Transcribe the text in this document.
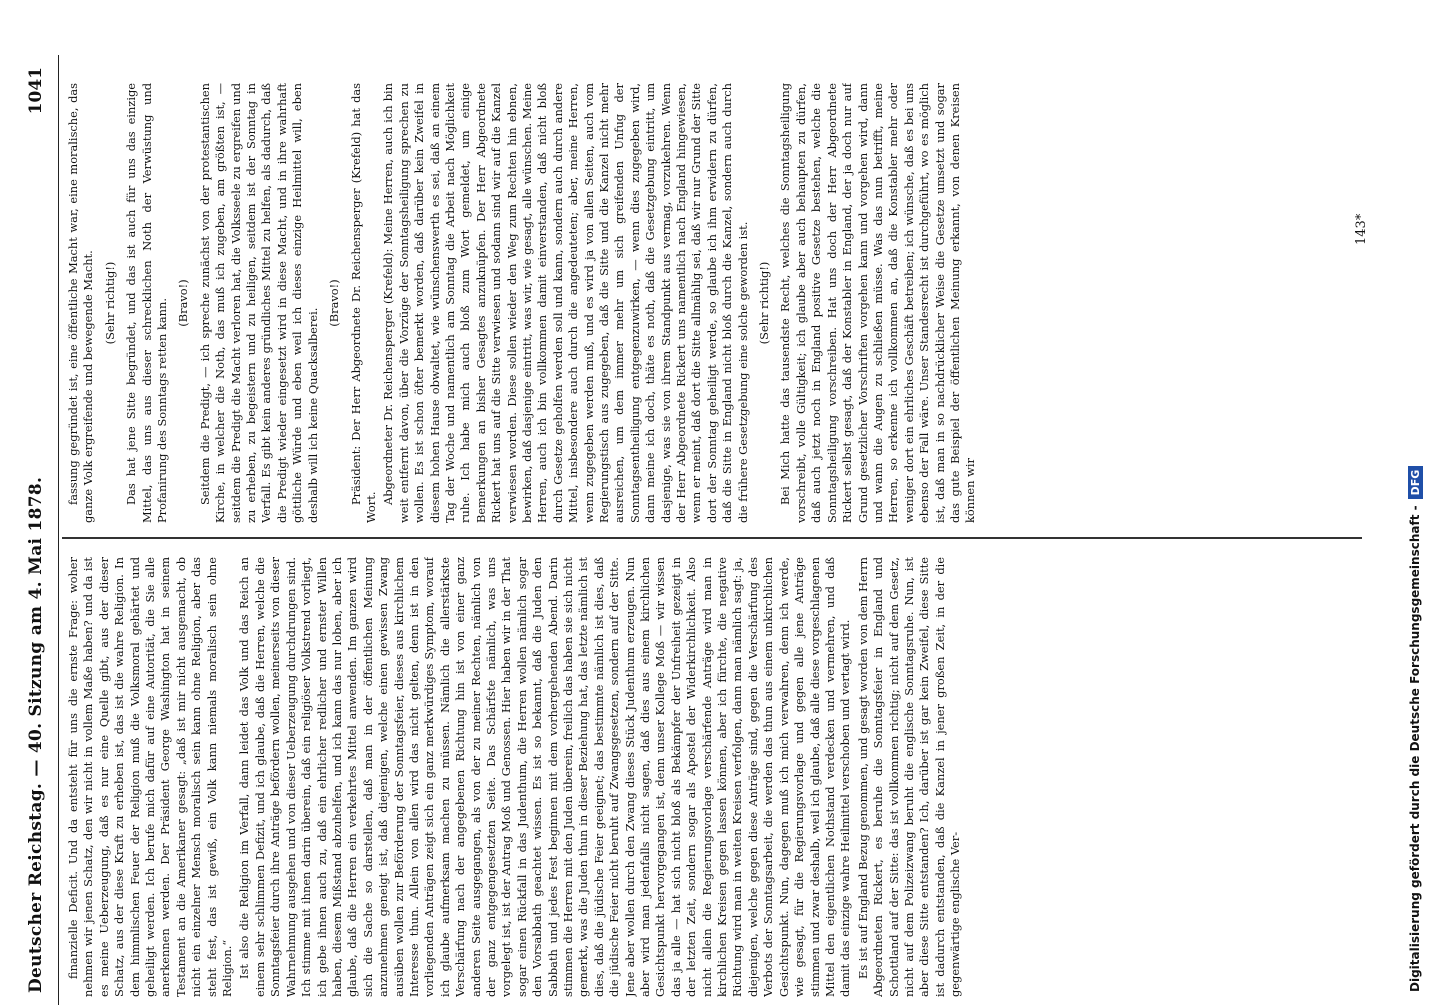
Deutscher Reichstag. — 40. Sitzung am 4. Mai 1878.
1041

finanzielle Deficit. Und da entsteht für uns die ernste Frage: woher nehmen wir jenen Schatz, den wir nicht in vollem Maße haben? und da ist es meine Ueberzeugung, daß es nur eine Quelle gibt, aus der dieser Schatz, aus der diese Kraft zu erheben ist, das ist die wahre Religion. In dem himmlischen Feuer der Religion muß die Volksmoral gehärtet und geheiligt werden. Ich berufe mich dafür auf eine Autorität, die Sie alle anerkennen werden. Der Präsident George Washington hat in seinem Testament an die Amerikaner gesagt: „daß ist mir nicht ausgemacht, ob nicht ein einzelner Mensch moralisch sein kann ohne Religion, aber das steht fest, das ist gewiß, ein Volk kann niemals moralisch sein ohne Religion.“ Ist also die Religion im Verfall, dann leidet das Volk und das Reich an einem sehr schlimmen Defizit, und ich glaube, daß die Herren, welche die Sonntagsfeier durch ihre Anträge befördern wollen, meinerseits von dieser Wahrnehmung ausgehen und von dieser Ueberzeugung durchdrungen sind. Ich stimme mit ihnen darin überein, daß ein religiöser Volkstrend vorliegt, ich gebe ihnen auch zu, daß ein ehrlicher redlicher und ernster Willen haben, diesem Mißstand abzuhelfen, und ich kann das nur loben, aber ich glaube, daß die Herren ein verkehrtes Mittel anwenden. Im ganzen wird sich die Sache so darstellen, daß man in der öffentlichen Meinung anzunehmen geneigt ist, daß diejenigen, welche einen gewissen Zwang ausüben wollen zur Beförderung der Sonntagsfeier, dieses aus kirchlichem Interesse thun. Allein von allen wird das nicht gelten, denn ist in den vorliegenden Anträgen zeigt sich ein ganz merkwürdiges Symptom, worauf ich glaube aufmerksam machen zu müssen. Nämlich die allerstärkste Verschärfung nach der angegebenen Richtung hin ist von einer ganz anderen Seite ausgegangen, als von der zu meiner Rechten, nämlich von der ganz entgegengesetzten Seite. Das Schärfste nämlich, was uns vorgelegt ist, ist der Antrag Moß und Genossen. Hier haben wir in der That sogar einen Rückfall in das Judenthum, die Herren wollen nämlich sogar den Vorsabbath geachtet wissen. Es ist so bekannt, daß die Juden den Sabbath und jedes Fest beginnen mit dem vorhergehenden Abend. Darin stimmen die Herren mit den Juden überein, freilich das haben sie sich nicht gemerkt, was die Juden thun in dieser Beziehung hat, das letzte nämlich ist dies, daß die jüdische Feier geeignet; das bestimmte nämlich ist dies, daß die jüdische Feier nicht beruht auf Zwangsgesetzen, sondern auf der Sitte. Jene aber wollen durch den Zwang dieses Stück Judenthum erzeugen. Nun aber wird man jedenfalls nicht sagen, daß dies aus einem kirchlichen Gesichtspunkt hervorgegangen ist, denn unser Kollege Moß — wir wissen das ja alle — hat sich nicht bloß als Bekämpfer der Unfreiheit gezeigt in der letzten Zeit, sondern sogar als Apostel der Widerkirchlichkeit. Also nicht allein die Regierungsvorlage verschärfende Anträge wird man in kirchlichen Kreisen gegen lassen können, aber ich fürchte, die negative Richtung wird man in weiten Kreisen verfolgen, dann man nämlich sagt: ja, diejenigen, welche gegen diese Anträge sind, gegen die Verschärfung des Verbots der Sonntagsarbeit, die werden das thun aus einem unkirchlichen Gesichtspunkt. Nun, dagegen muß ich mich verwahren, denn ich werde, wie gesagt, für die Regierungsvorlage und gegen alle jene Anträge stimmen und zwar deshalb, weil ich glaube, daß alle diese vorgeschlagenen Mittel den eigentlichen Nothstand verdecken und vermehren, und daß damit das einzige wahre Heilmittel verschoben und vertagt wird. Es ist auf England Bezug genommen, und gesagt worden von dem Herrn Abgeordneten Rickert, es beruhe die Sonntagsfeier in England und Schottland auf der Sitte: das ist vollkommen richtig; nicht auf dem Gesetz, nicht auf dem Polizeizwang beruht die englische Sonntagsruhe. Nun, ist aber diese Sitte entstanden? Ich, darüber ist gar kein Zweifel, diese Sitte ist dadurch entstanden, daß die Kanzel in jener großen Zeit, in der die gegenwärtige englische Ver-

fassung gegründet ist, eine öffentliche Macht war, eine moralische, das ganze Volk ergreifende und bewegende Macht. (Sehr richtig!) Das hat jene Sitte begründet, und das ist auch für uns das einzige Mittel, das uns aus dieser schrecklichen Noth der Verwüstung und Profanirung des Sonntags retten kann. (Bravo!) Seitdem die Predigt, — ich spreche zunächst von der protestantischen Kirche, in welcher die Noth, das muß ich zugeben, am größten ist, — seitdem die Predigt die Macht verloren hat, die Volksseele zu ergreifen und zu erheben, zu begeistern und zu heiligen, seitdem ist der Sonntag in Verfall. Es gibt kein anderes gründliches Mittel zu helfen, als dadurch, daß die Predigt wieder eingesetzt wird in diese Macht, und in ihre wahrhaft göttliche Würde und eben weil ich dieses einzige Heilmittel will, eben deshalb will ich keine Quacksalberei.

(Bravo!) Präsident: Der Herr Abgeordnete Dr. Reichensperger (Krefeld) hat das Wort.

Abgeordneter Dr. Reichensperger (Krefeld): Meine Herren, auch ich bin weit entfernt davon, über die Vorzüge der Sonntagsheiligung sprechen zu wollen. Es ist schon öfter bemerkt worden, daß darüber kein Zweifel in diesem hohen Hause obwaltet, wie wünschenswerth es sei, daß an einem Tag der Woche und namentlich am Sonntag die Arbeit nach Möglichkeit ruhe. Ich habe mich auch bloß zum Wort gemeldet, um einige Bemerkungen an bisher Gesagtes anzuknüpfen. Der Herr Abgeordnete Rickert hat uns auf die Sitte verwiesen und sodann sind wir auf die Kanzel verwiesen worden. Diese sollen wieder den Weg zum Rechten hin ebnen, bewirken, daß dasjenige eintritt, was wir, wie gesagt, alle wünschen. Meine Herren, auch ich bin vollkommen damit einverstanden, daß nicht bloß durch Gesetze geholfen werden soll und kann, sondern auch durch andere Mittel, insbesondere auch durch die angedeuteten; aber, meine Herren, wenn zugegeben werden muß, und es wird ja von allen Seiten, auch vom Regierungstisch aus zugegeben, daß die Sitte und die Kanzel nicht mehr ausreichen, um dem immer mehr um sich greifenden Unfug der Sonntagsentheiligung entgegenzuwirken, — wenn dies zugegeben wird, dann meine ich doch, thäte es noth, daß die Gesetzgebung eintritt, um dasjenige, was sie von ihrem Standpunkt aus vermag, vorzukehren. Wenn der Herr Abgeordnete Rickert uns namentlich nach England hingewiesen, wenn er meint, daß dort die Sitte allmählig sei, daß wir nur Grund der Sitte dort der Sonntag geheiligt werde, so glaube ich ihm erwidern zu dürfen, daß die Sitte in England nicht bloß durch die Kanzel, sondern auch durch die frühere Gesetzgebung eine solche geworden ist. (Sehr richtig!) Bei Mich hatte das tausendste Recht, welches die Sonntagsheiligung vorschreibt, volle Gültigkeit; ich glaube aber auch behaupten zu dürfen, daß auch jetzt noch in England positive Gesetze bestehen, welche die Sonntagsheiligung vorschreiben. Hat uns doch der Herr Abgeordnete Rickert selbst gesagt, daß der Konstabler in England, der ja doch nur auf Grund gesetzlicher Vorschriften vorgehen kann und vorgehen wird, dann und wann die Augen zu schließen müsse. Was das nun betrifft, meine Herren, so erkenne ich vollkommen an, daß die Konstabler mehr oder weniger dort ein ehrliches Geschäft betreiben; ich wünsche, daß es bei uns ebenso der Fall wäre. Unser Standesrecht ist durchgeführt, wo es möglich ist, daß man in so nachdrücklicher Weise die Gesetze umsetzt und sogar das gute Beispiel der öffentlichen Meinung erkannt, von denen Kreisen können wir

143*
Digitalisierung gefördert durch die Deutsche Forschungsgemeinschaft -DFG
